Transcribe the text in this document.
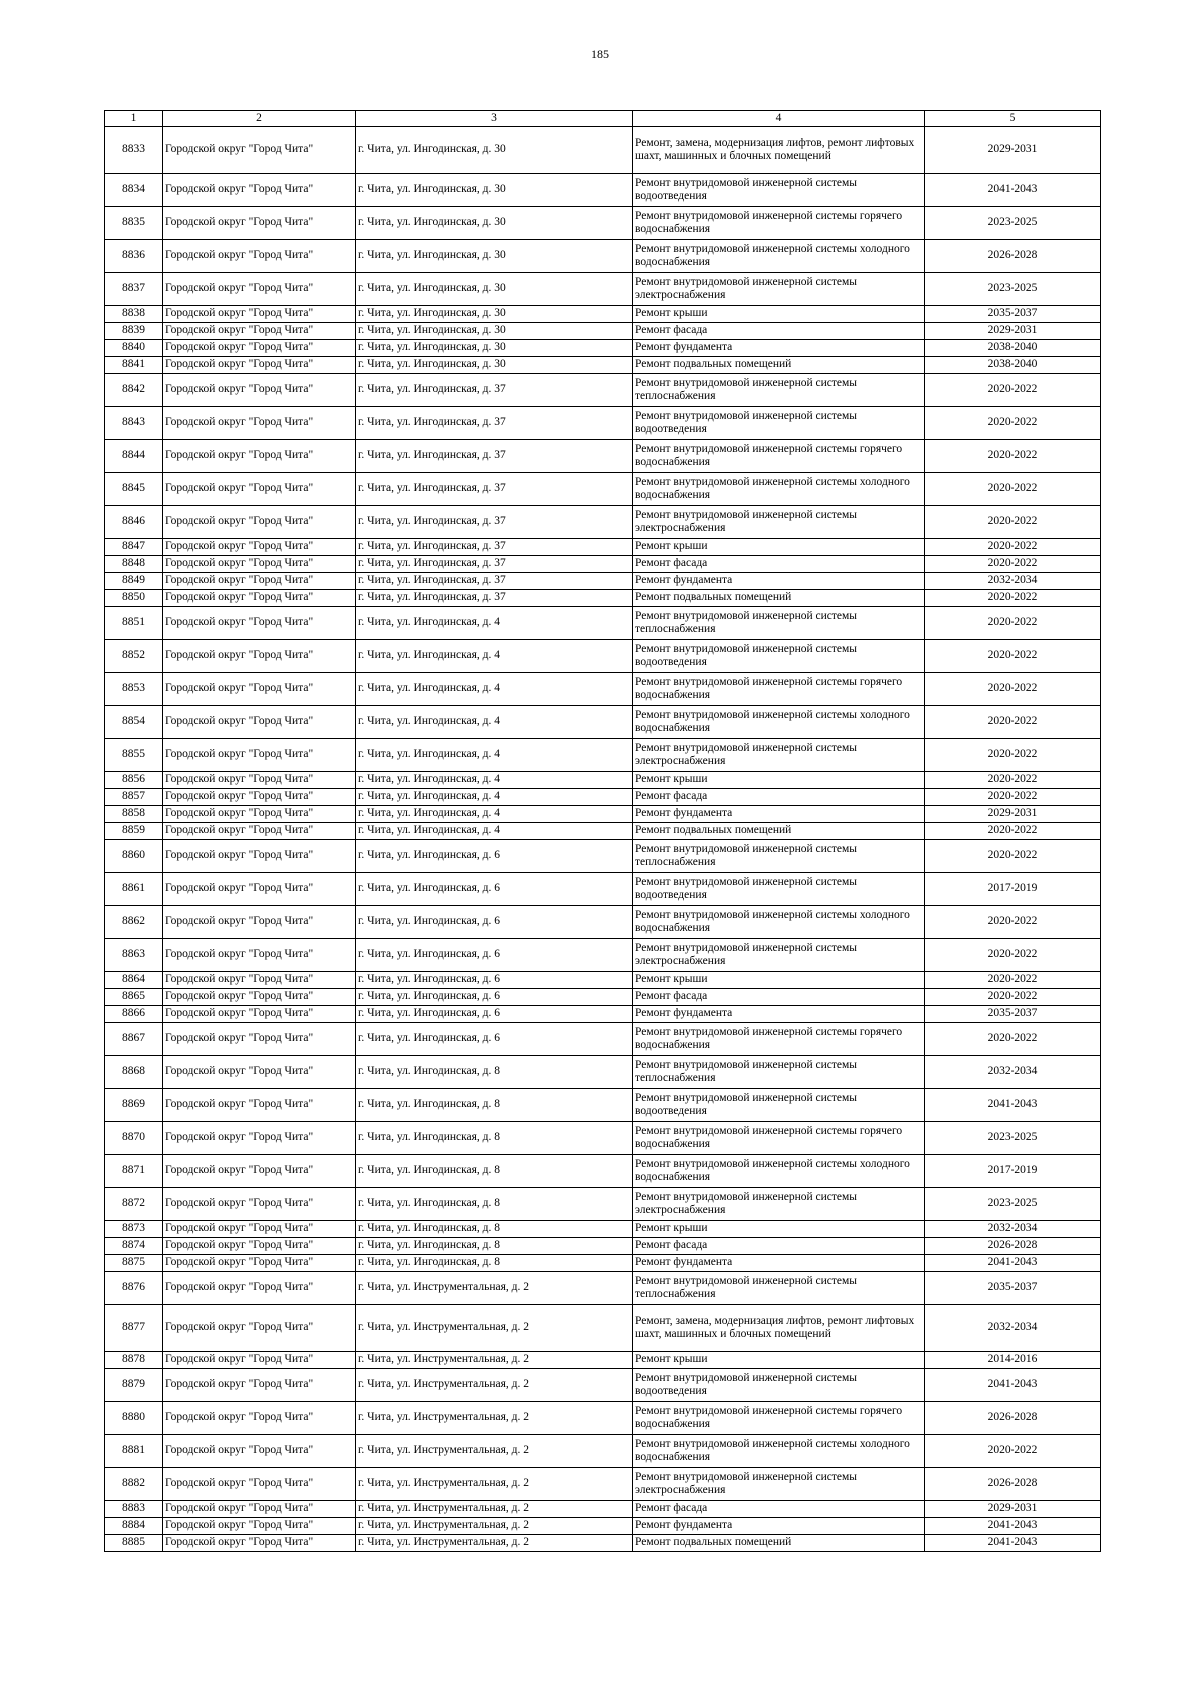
185
1	2	3	4	5
8833	Городской округ "Город Чита"	г. Чита, ул. Ингодинская, д. 30	Ремонт, замена, модернизация лифтов, ремонт лифтовых шахт, машинных и блочных помещений	2029-2031
8834	Городской округ "Город Чита"	г. Чита, ул. Ингодинская, д. 30	Ремонт внутридомовой инженерной системы водоотведения	2041-2043
8835	Городской округ "Город Чита"	г. Чита, ул. Ингодинская, д. 30	Ремонт внутридомовой инженерной системы горячего водоснабжения	2023-2025
8836	Городской округ "Город Чита"	г. Чита, ул. Ингодинская, д. 30	Ремонт внутридомовой инженерной системы холодного водоснабжения	2026-2028
8837	Городской округ "Город Чита"	г. Чита, ул. Ингодинская, д. 30	Ремонт внутридомовой инженерной системы электроснабжения	2023-2025
8838	Городской округ "Город Чита"	г. Чита, ул. Ингодинская, д. 30	Ремонт крыши	2035-2037
8839	Городской округ "Город Чита"	г. Чита, ул. Ингодинская, д. 30	Ремонт фасада	2029-2031
8840	Городской округ "Город Чита"	г. Чита, ул. Ингодинская, д. 30	Ремонт фундамента	2038-2040
8841	Городской округ "Город Чита"	г. Чита, ул. Ингодинская, д. 30	Ремонт подвальных помещений	2038-2040
8842	Городской округ "Город Чита"	г. Чита, ул. Ингодинская, д. 37	Ремонт внутридомовой инженерной системы теплоснабжения	2020-2022
8843	Городской округ "Город Чита"	г. Чита, ул. Ингодинская, д. 37	Ремонт внутридомовой инженерной системы водоотведения	2020-2022
8844	Городской округ "Город Чита"	г. Чита, ул. Ингодинская, д. 37	Ремонт внутридомовой инженерной системы горячего водоснабжения	2020-2022
8845	Городской округ "Город Чита"	г. Чита, ул. Ингодинская, д. 37	Ремонт внутридомовой инженерной системы холодного водоснабжения	2020-2022
8846	Городской округ "Город Чита"	г. Чита, ул. Ингодинская, д. 37	Ремонт внутридомовой инженерной системы электроснабжения	2020-2022
8847	Городской округ "Город Чита"	г. Чита, ул. Ингодинская, д. 37	Ремонт крыши	2020-2022
8848	Городской округ "Город Чита"	г. Чита, ул. Ингодинская, д. 37	Ремонт фасада	2020-2022
8849	Городской округ "Город Чита"	г. Чита, ул. Ингодинская, д. 37	Ремонт фундамента	2032-2034
8850	Городской округ "Город Чита"	г. Чита, ул. Ингодинская, д. 37	Ремонт подвальных помещений	2020-2022
8851	Городской округ "Город Чита"	г. Чита, ул. Ингодинская, д. 4	Ремонт внутридомовой инженерной системы теплоснабжения	2020-2022
8852	Городской округ "Город Чита"	г. Чита, ул. Ингодинская, д. 4	Ремонт внутридомовой инженерной системы водоотведения	2020-2022
8853	Городской округ "Город Чита"	г. Чита, ул. Ингодинская, д. 4	Ремонт внутридомовой инженерной системы горячего водоснабжения	2020-2022
8854	Городской округ "Город Чита"	г. Чита, ул. Ингодинская, д. 4	Ремонт внутридомовой инженерной системы холодного водоснабжения	2020-2022
8855	Городской округ "Город Чита"	г. Чита, ул. Ингодинская, д. 4	Ремонт внутридомовой инженерной системы электроснабжения	2020-2022
8856	Городской округ "Город Чита"	г. Чита, ул. Ингодинская, д. 4	Ремонт крыши	2020-2022
8857	Городской округ "Город Чита"	г. Чита, ул. Ингодинская, д. 4	Ремонт фасада	2020-2022
8858	Городской округ "Город Чита"	г. Чита, ул. Ингодинская, д. 4	Ремонт фундамента	2029-2031
8859	Городской округ "Город Чита"	г. Чита, ул. Ингодинская, д. 4	Ремонт подвальных помещений	2020-2022
8860	Городской округ "Город Чита"	г. Чита, ул. Ингодинская, д. 6	Ремонт внутридомовой инженерной системы теплоснабжения	2020-2022
8861	Городской округ "Город Чита"	г. Чита, ул. Ингодинская, д. 6	Ремонт внутридомовой инженерной системы водоотведения	2017-2019
8862	Городской округ "Город Чита"	г. Чита, ул. Ингодинская, д. 6	Ремонт внутридомовой инженерной системы холодного водоснабжения	2020-2022
8863	Городской округ "Город Чита"	г. Чита, ул. Ингодинская, д. 6	Ремонт внутридомовой инженерной системы электроснабжения	2020-2022
8864	Городской округ "Город Чита"	г. Чита, ул. Ингодинская, д. 6	Ремонт крыши	2020-2022
8865	Городской округ "Город Чита"	г. Чита, ул. Ингодинская, д. 6	Ремонт фасада	2020-2022
8866	Городской округ "Город Чита"	г. Чита, ул. Ингодинская, д. 6	Ремонт фундамента	2035-2037
8867	Городской округ "Город Чита"	г. Чита, ул. Ингодинская, д. 6	Ремонт внутридомовой инженерной системы горячего водоснабжения	2020-2022
8868	Городской округ "Город Чита"	г. Чита, ул. Ингодинская, д. 8	Ремонт внутридомовой инженерной системы теплоснабжения	2032-2034
8869	Городской округ "Город Чита"	г. Чита, ул. Ингодинская, д. 8	Ремонт внутридомовой инженерной системы водоотведения	2041-2043
8870	Городской округ "Город Чита"	г. Чита, ул. Ингодинская, д. 8	Ремонт внутридомовой инженерной системы горячего водоснабжения	2023-2025
8871	Городской округ "Город Чита"	г. Чита, ул. Ингодинская, д. 8	Ремонт внутридомовой инженерной системы холодного водоснабжения	2017-2019
8872	Городской округ "Город Чита"	г. Чита, ул. Ингодинская, д. 8	Ремонт внутридомовой инженерной системы электроснабжения	2023-2025
8873	Городской округ "Город Чита"	г. Чита, ул. Ингодинская, д. 8	Ремонт крыши	2032-2034
8874	Городской округ "Город Чита"	г. Чита, ул. Ингодинская, д. 8	Ремонт фасада	2026-2028
8875	Городской округ "Город Чита"	г. Чита, ул. Ингодинская, д. 8	Ремонт фундамента	2041-2043
8876	Городской округ "Город Чита"	г. Чита, ул. Инструментальная, д. 2	Ремонт внутридомовой инженерной системы теплоснабжения	2035-2037
8877	Городской округ "Город Чита"	г. Чита, ул. Инструментальная, д. 2	Ремонт, замена, модернизация лифтов, ремонт лифтовых шахт, машинных и блочных помещений	2032-2034
8878	Городской округ "Город Чита"	г. Чита, ул. Инструментальная, д. 2	Ремонт крыши	2014-2016
8879	Городской округ "Город Чита"	г. Чита, ул. Инструментальная, д. 2	Ремонт внутридомовой инженерной системы водоотведения	2041-2043
8880	Городской округ "Город Чита"	г. Чита, ул. Инструментальная, д. 2	Ремонт внутридомовой инженерной системы горячего водоснабжения	2026-2028
8881	Городской округ "Город Чита"	г. Чита, ул. Инструментальная, д. 2	Ремонт внутридомовой инженерной системы холодного водоснабжения	2020-2022
8882	Городской округ "Город Чита"	г. Чита, ул. Инструментальная, д. 2	Ремонт внутридомовой инженерной системы электроснабжения	2026-2028
8883	Городской округ "Город Чита"	г. Чита, ул. Инструментальная, д. 2	Ремонт фасада	2029-2031
8884	Городской округ "Город Чита"	г. Чита, ул. Инструментальная, д. 2	Ремонт фундамента	2041-2043
8885	Городской округ "Город Чита"	г. Чита, ул. Инструментальная, д. 2	Ремонт подвальных помещений	2041-2043
